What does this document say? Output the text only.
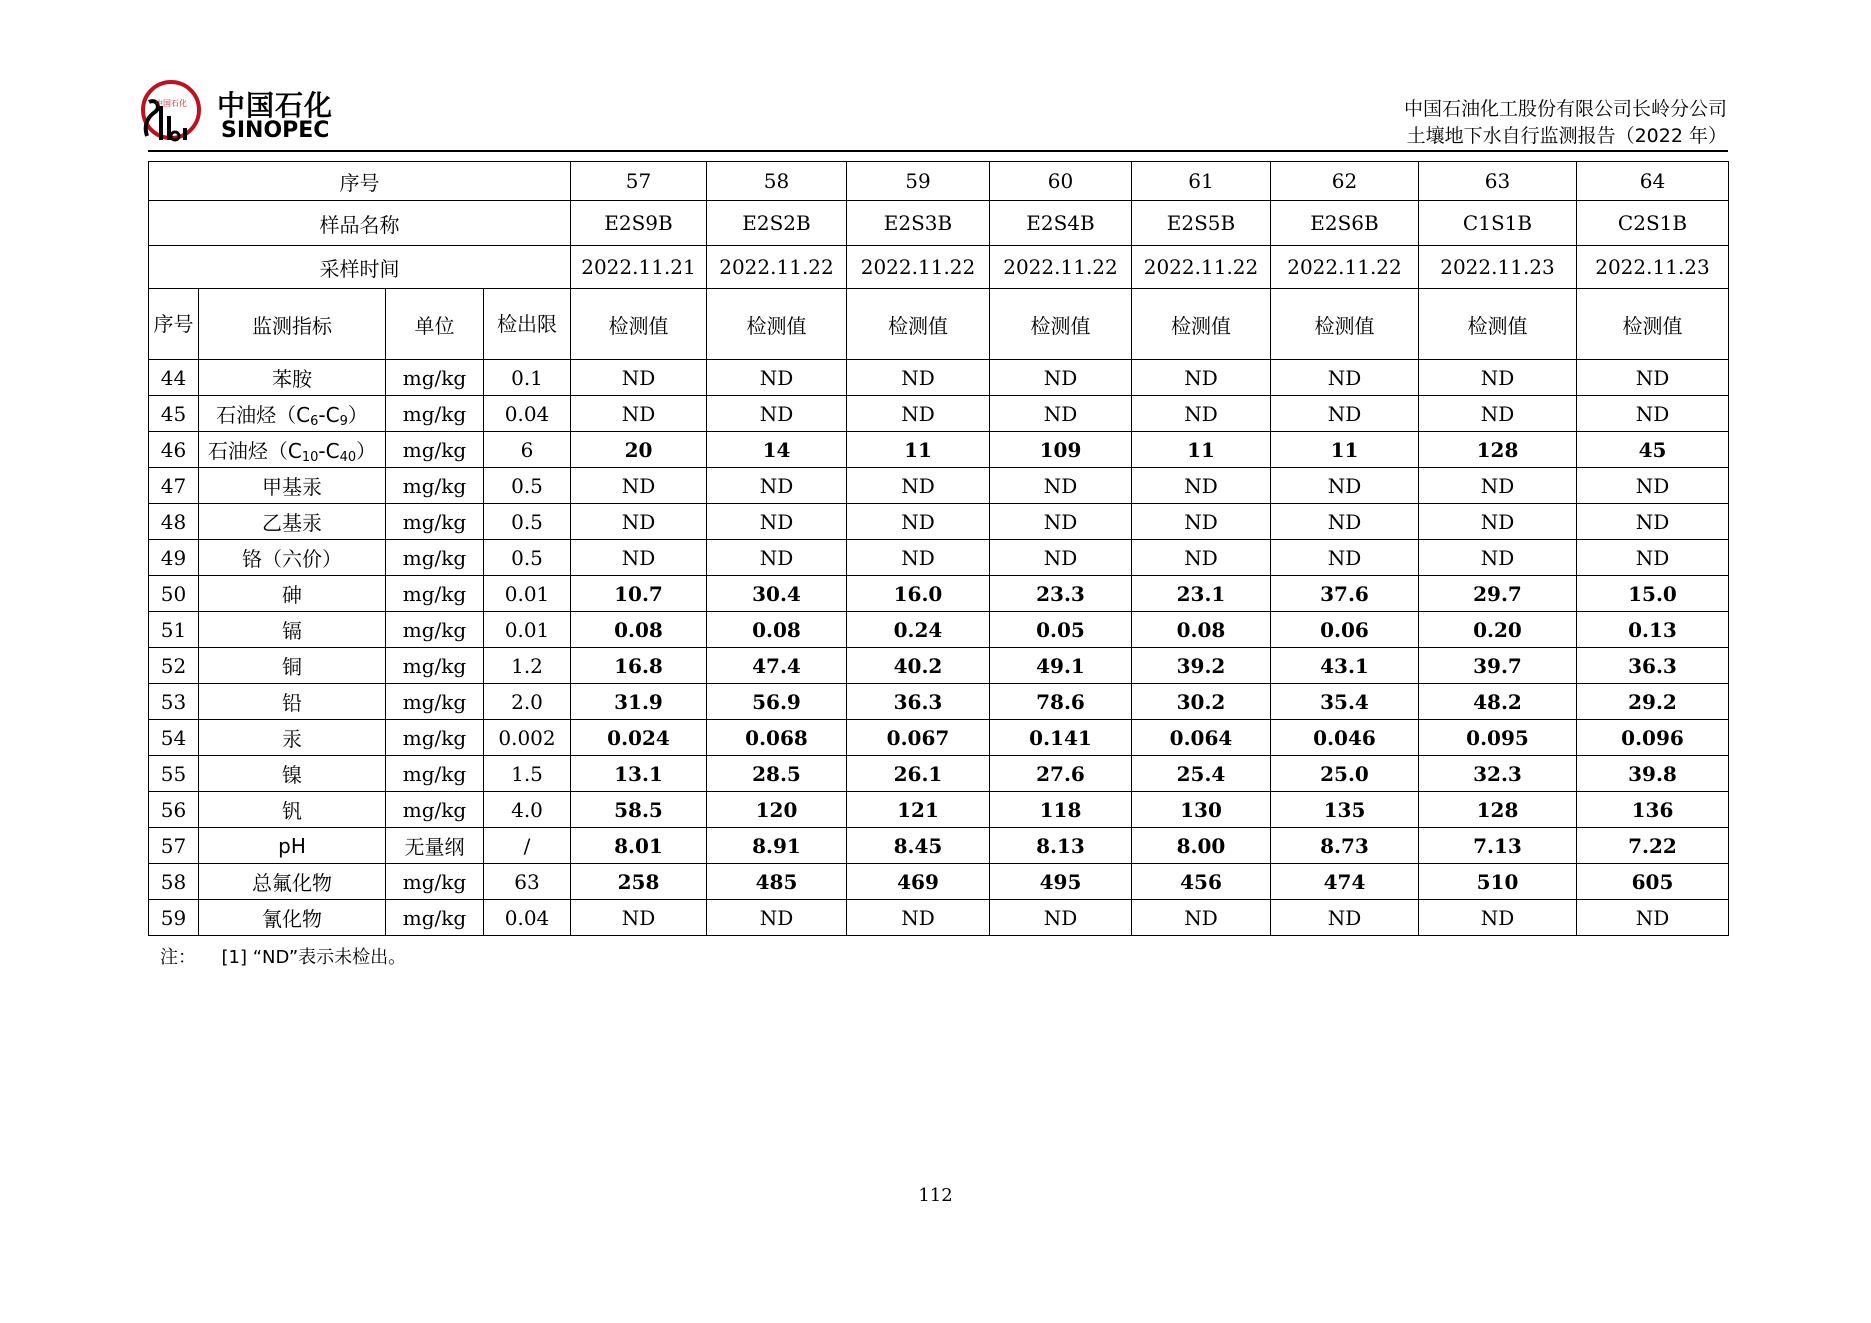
中国石化 中国石化
SINOPEC
中国石油化工股份有限公司长岭分公司
土壤地下水自行监测报告（2022 年）
序号				57	58	59	60	61	62	63	64
样品名称				E2S9B	E2S2B	E2S3B	E2S4B	E2S5B	E2S6B	C1S1B	C2S1B
采样时间				2022.11.21	2022.11.22	2022.11.22	2022.11.22	2022.11.22	2022.11.22	2022.11.23	2022.11.23
序号	监测指标	单位	检出限	检测值	检测值	检测值	检测值	检测值	检测值	检测值	检测值
44	苯胺	mg/kg	0.1	ND	ND	ND	ND	ND	ND	ND	ND
45	石油烃$(C_6-C_9)$	mg/kg	0.04	ND	ND	ND	ND	ND	ND	ND	ND
46	石油烃$(C_{10}-C_{40})$	mg/kg	6	20	14	11	109	11	11	128	45
47	甲基汞	mg/kg	0.5	ND	ND	ND	ND	ND	ND	ND	ND
48	乙基汞	mg/kg	0.5	ND	ND	ND	ND	ND	ND	ND	ND
49	铬（六价）	mg/kg	0.5	ND	ND	ND	ND	ND	ND	ND	ND
50	砷	mg/kg	0.01	10.7	30.4	16.0	23.3	23.1	37.6	29.7	15.0
51	镉	mg/kg	0.01	0.08	0.08	0.24	0.05	0.08	0.06	0.20	0.13
52	铜	mg/kg	1.2	16.8	47.4	40.2	49.1	39.2	43.1	39.7	36.3
53	铅	mg/kg	2.0	31.9	56.9	36.3	78.6	30.2	35.4	48.2	29.2
54	汞	mg/kg	0.002	0.024	0.068	0.067	0.141	0.064	0.046	0.095	0.096
55	镍	mg/kg	1.5	13.1	28.5	26.1	27.6	25.4	25.0	32.3	39.8
56	钒	mg/kg	4.0	58.5	120	121	118	130	135	128	136
57	pH	无量纲	/	8.01	8.91	8.45	8.13	8.00	8.73	7.13	7.22
58	总氟化物	mg/kg	63	258	485	469	495	456	474	510	605
59	氰化物	mg/kg	0.04	ND	ND	ND	ND	ND	ND	ND	ND
注： [1] “ND”表示未检出。
112
